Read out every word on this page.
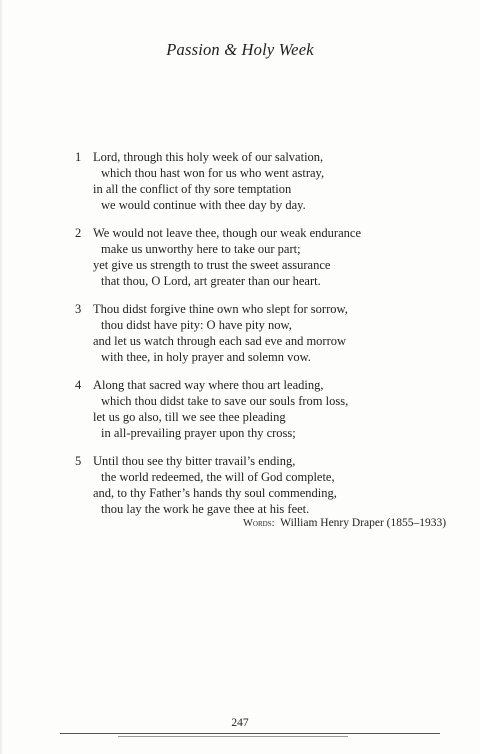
Passion & Holy Week
1 Lord, through this holy week of our salvation,
which thou hast won for us who went astray,
in all the conflict of thy sore temptation
we would continue with thee day by day.
2 We would not leave thee, though our weak endurance
make us unworthy here to take our part;
yet give us strength to trust the sweet assurance
that thou, O Lord, art greater than our heart.
3 Thou didst forgive thine own who slept for sorrow,
thou didst have pity: O have pity now,
and let us watch through each sad eve and morrow
with thee, in holy prayer and solemn vow.
4 Along that sacred way where thou art leading,
which thou didst take to save our souls from loss,
let us go also, till we see thee pleading
in all-prevailing prayer upon thy cross;
5 Until thou see thy bitter travail’s ending,
the world redeemed, the will of God complete,
and, to thy Father’s hands thy soul commending,
thou lay the work he gave thee at his feet.
Words: William Henry Draper (1855–1933)
247
